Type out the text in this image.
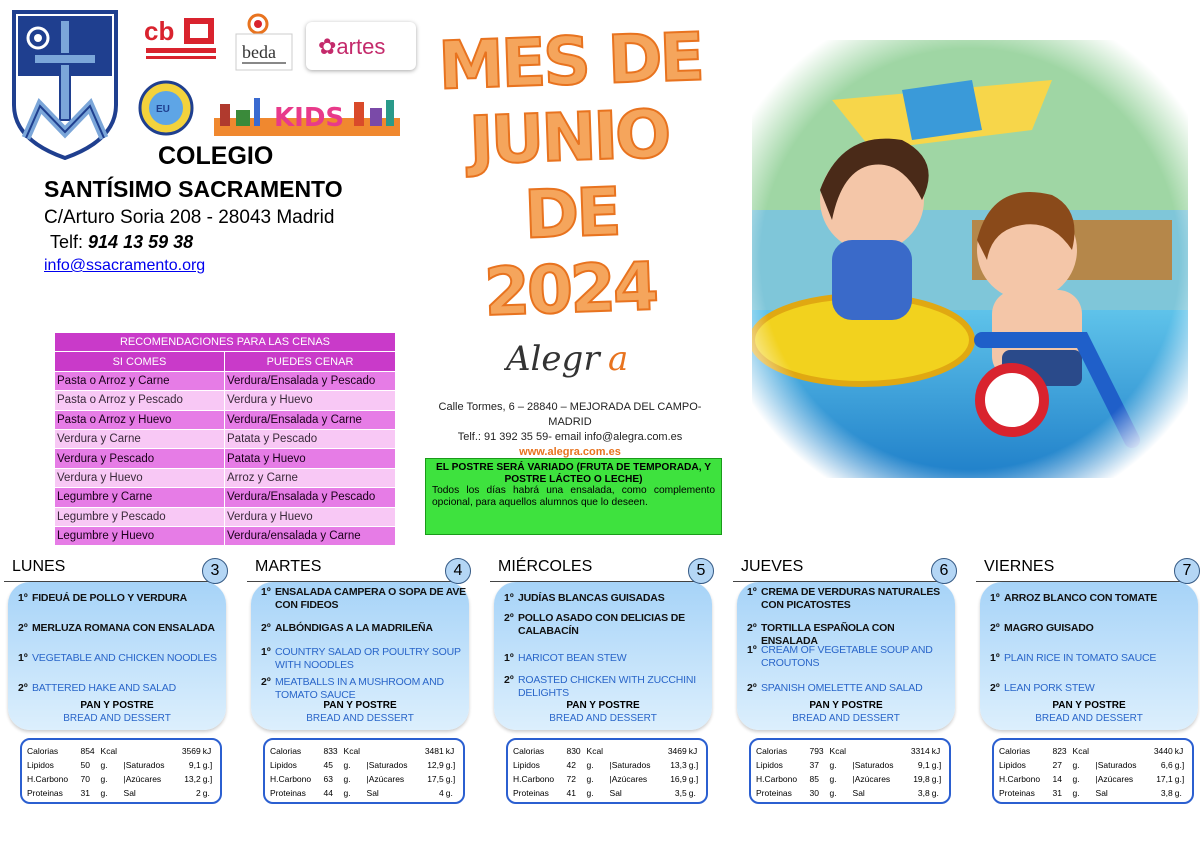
cb
beda ✿artes
EU	KIDS
COLEGIO
SANTÍSIMO SACRAMENTO
C/Arturo Soria 208 - 28043 Madrid
Telf: 914 13 59 38
info@ssacramento.org
MES DE
JUNIO DE
2024
RECOMENDACIONES PARA LAS CENAS	
SI COMES	PUEDES CENAR
Pasta o Arroz y Carne	Verdura/Ensalada y Pescado
Pasta o Arroz y Pescado	Verdura y Huevo
Pasta o Arroz y Huevo	Verdura/Ensalada y Carne
Verdura y Carne	Patata y Pescado
Verdura y Pescado	Patata y Huevo
Verdura y Huevo	Arroz y Carne
Legumbre y Carne	Verdura/Ensalada y Pescado
Legumbre y Pescado	Verdura y Huevo
Legumbre y Huevo	Verdura/ensalada y Carne
Alegr a
Calle Tormes, 6 – 28840 – MEJORADA DEL CAMPO- MADRID
Telf.: 91 392 35 59- email info@alegra.com.es
www.alegra.com.es
EL POSTRE SERÁ VARIADO (FRUTA DE TEMPORADA, Y POSTRE LÁCTEO O LECHE)
Todos los días habrá una ensalada, como complemento opcional, para aquellos alumnos que lo deseen.
LUNES	3
1º FIDEUÁ DE POLLO Y VERDURA
2º MERLUZA ROMANA CON ENSALADA
1º VEGETABLE AND CHICKEN NOODLES
2º BATTERED HAKE AND SALAD
PAN Y POSTRE
BREAD AND DESSERT
Calorias	854	Kcal		3569	kJ
Lipidos	50	g.	|Saturados	9,1	g.]
H.Carbono	70	g.	|Azúcares	13,2	g.]
Proteinas	31	g.	Sal	2	g.
MARTES	4
1º ENSALADA CAMPERA O SOPA DE AVE CON FIDEOS
2º ALBÓNDIGAS A LA MADRILEÑA
1º COUNTRY SALAD OR POULTRY SOUP WITH NOODLES
2º MEATBALLS IN A MUSHROOM AND TOMATO SAUCE
PAN Y POSTRE
BREAD AND DESSERT
Calorias	833	Kcal		3481	kJ
Lipidos	45	g.	|Saturados	12,9	g.]
H.Carbono	63	g.	|Azúcares	17,5	g.]
Proteinas	44	g.	Sal	4	g.
MIÉRCOLES	5
1º JUDÍAS BLANCAS GUISADAS
2º POLLO ASADO CON DELICIAS DE CALABACÍN
1º HARICOT BEAN STEW
2º ROASTED CHICKEN WITH ZUCCHINI DELIGHTS
PAN Y POSTRE
BREAD AND DESSERT
Calorias	830	Kcal		3469	kJ
Lipidos	42	g.	|Saturados	13,3	g.]
H.Carbono	72	g.	|Azúcares	16,9	g.]
Proteinas	41	g.	Sal	3,5	g.
JUEVES	6
1º CREMA DE VERDURAS NATURALES CON PICATOSTES
2º TORTILLA ESPAÑOLA CON ENSALADA
1º CREAM OF VEGETABLE SOUP AND CROUTONS
2º SPANISH OMELETTE AND SALAD
PAN Y POSTRE
BREAD AND DESSERT
Calorias	793	Kcal		3314	kJ
Lipidos	37	g.	|Saturados	9,1	g.]
H.Carbono	85	g.	|Azúcares	19,8	g.]
Proteinas	30	g.	Sal	3,8	g.
VIERNES	7
1º ARROZ BLANCO CON TOMATE
2º MAGRO GUISADO
1º PLAIN RICE IN TOMATO SAUCE
2º LEAN PORK STEW
PAN Y POSTRE
BREAD AND DESSERT
Calorias	823	Kcal		3440	kJ
Lipidos	27	g.	|Saturados	6,6	g.]
H.Carbono	14	g.	|Azúcares	17,1	g.]
Proteinas	31	g.	Sal	3,8	g.
